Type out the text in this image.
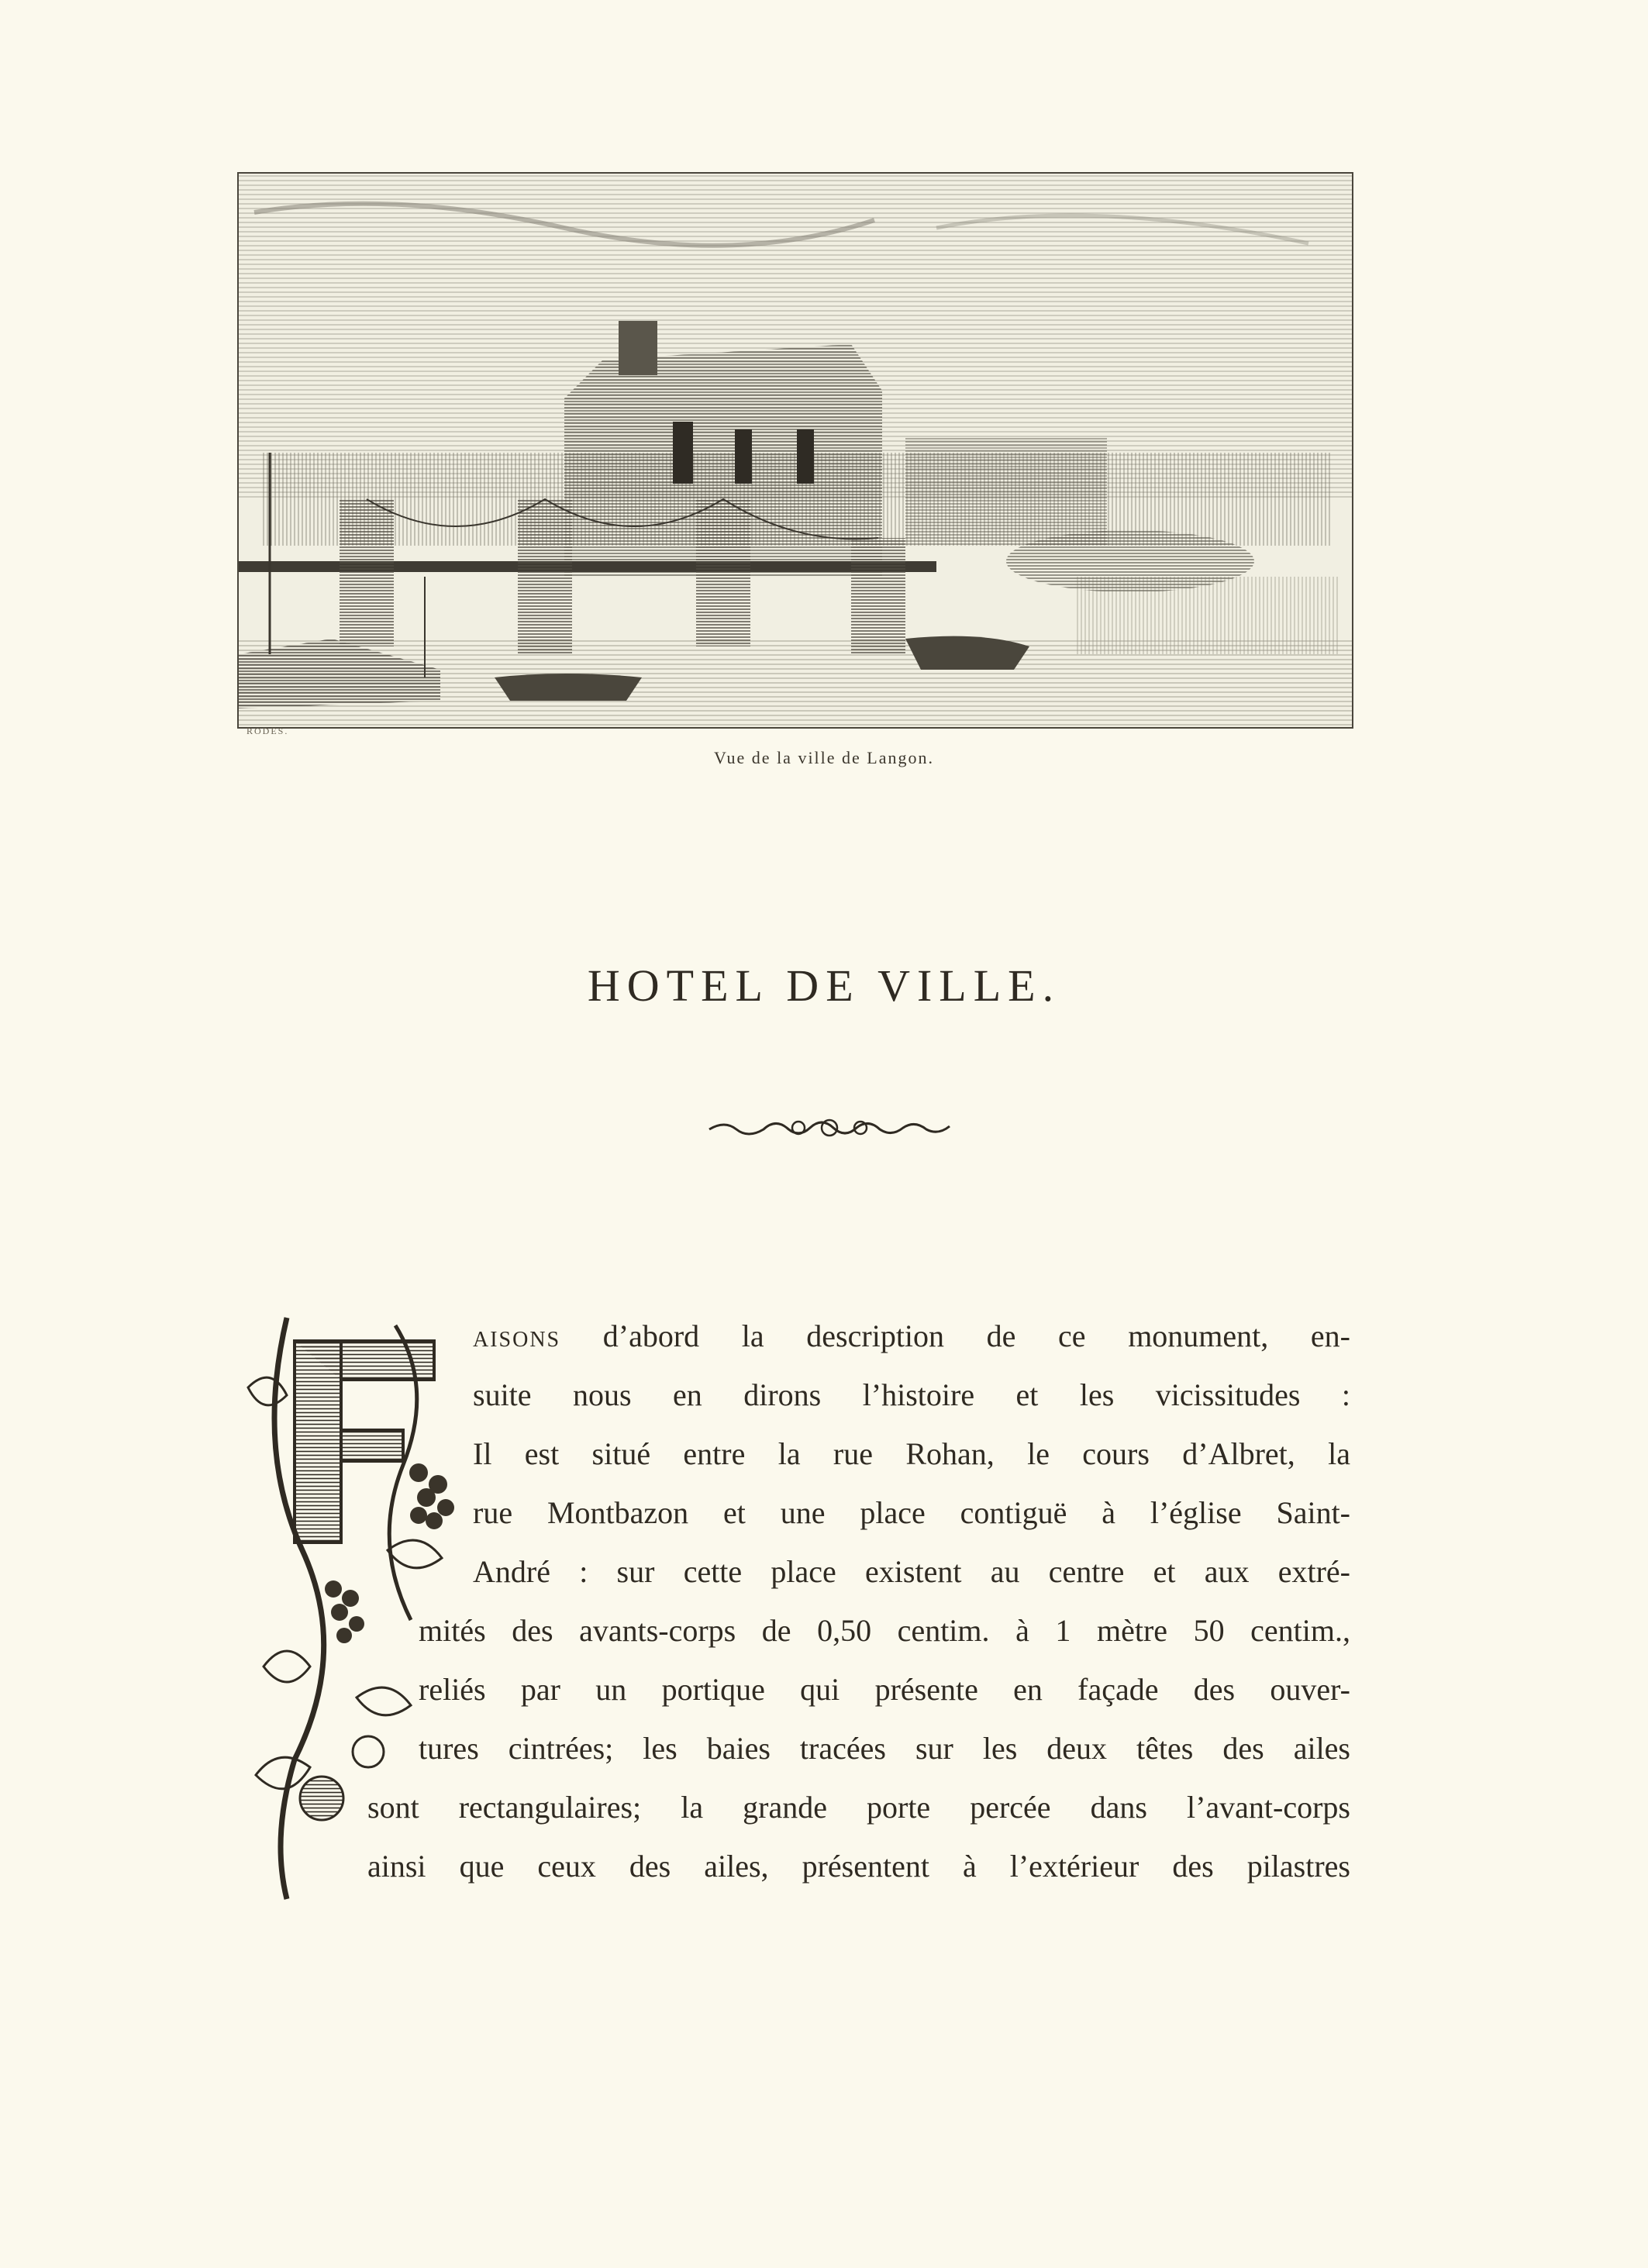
RODES.
Vue de la ville de Langon.
HOTEL DE VILLE.
aisons d’abord la description de ce monument, en-
suite nous en dirons l’histoire et les vicissitudes :
Il est situé entre la rue Rohan, le cours d’Albret, la
rue Montbazon et une place contiguë à l’église Saint-
André : sur cette place existent au centre et aux extré-
mités des avants-corps de 0,50 centim. à 1 mètre 50 centim.,
reliés par un portique qui présente en façade des ouver-
tures cintrées; les baies tracées sur les deux têtes des ailes
sont rectangulaires; la grande porte percée dans l’avant-corps
ainsi que ceux des ailes, présentent à l’extérieur des pilastres
